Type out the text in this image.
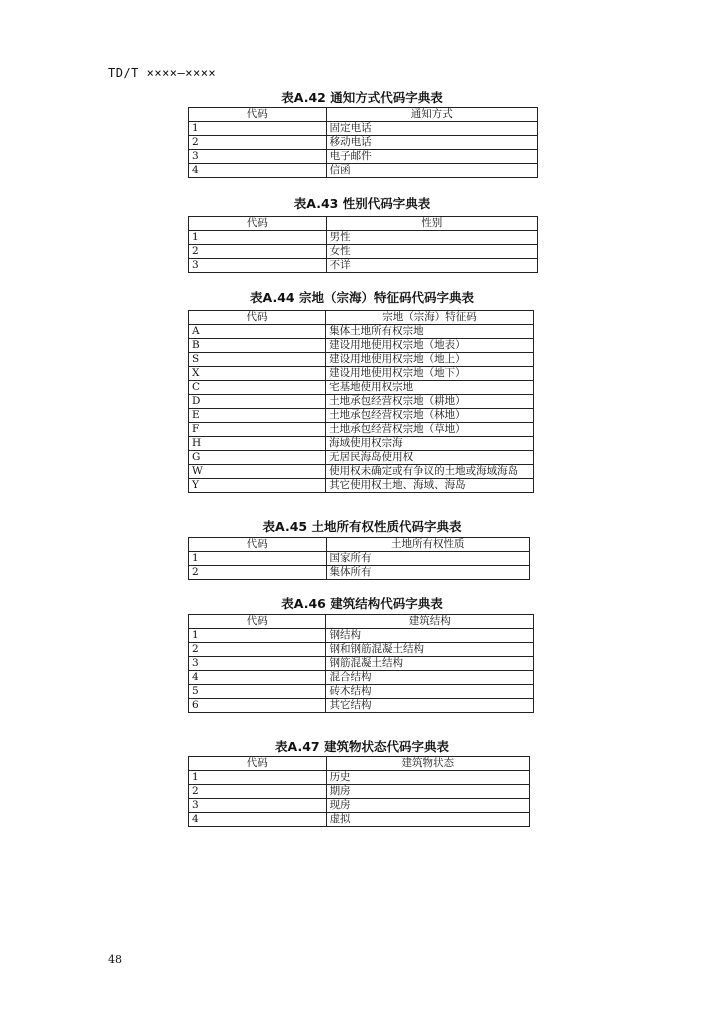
TD/T ××××—××××
表A.42 通知方式代码字典表
代码	通知方式
1	固定电话
2	移动电话
3	电子邮件
4	信函
表A.43 性别代码字典表
代码	性别
1	男性
2	女性
3	不详
表A.44 宗地（宗海）特征码代码字典表
代码	宗地（宗海）特征码
A	集体土地所有权宗地
B	建设用地使用权宗地（地表）
S	建设用地使用权宗地（地上）
X	建设用地使用权宗地（地下）
C	宅基地使用权宗地
D	土地承包经营权宗地（耕地）
E	土地承包经营权宗地（林地）
F	土地承包经营权宗地（草地）
H	海域使用权宗海
G	无居民海岛使用权
W	使用权未确定或有争议的土地或海域海岛
Y	其它使用权土地、海域、海岛
表A.45 土地所有权性质代码字典表
代码	土地所有权性质
1	国家所有
2	集体所有
表A.46 建筑结构代码字典表
代码	建筑结构
1	钢结构
2	钢和钢筋混凝土结构
3	钢筋混凝土结构
4	混合结构
5	砖木结构
6	其它结构
表A.47 建筑物状态代码字典表
代码	建筑物状态
1	历史
2	期房
3	现房
4	虚拟
48
